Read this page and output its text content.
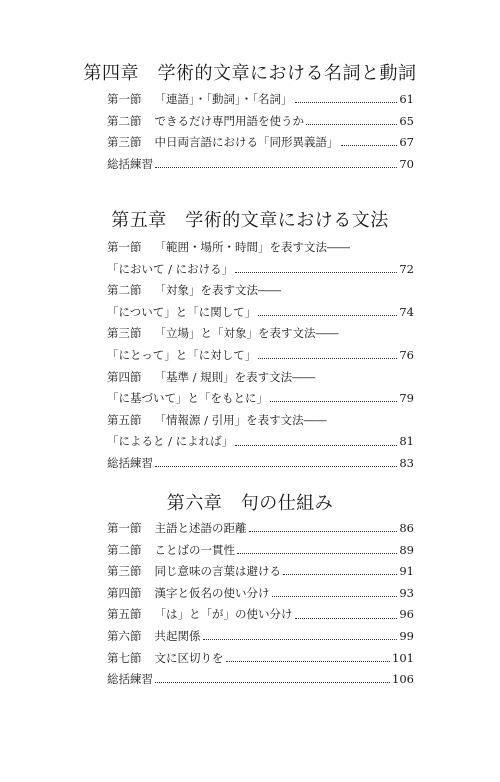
第四章　学術的文章における名詞と動詞
第一節 「連語」・「動詞」・「名詞」	61
第二節 できるだけ専門用語を使うか	65
第三節 中日両言語における「同形異義語」	67
総括練習	70
第五章　学術的文章における文法
第一節 「範囲・場所・時間」を表す文法――
「において / における」	72
第二節 「対象」を表す文法――
「について」と「に関して」	74
第三節 「立場」と「対象」を表す文法――
「にとって」と「に対して」	76
第四節 「基準 / 規則」を表す文法――
「に基づいて」と「をもとに」	79
第五節 「情報源 / 引用」を表す文法――
「によると / によれば」	81
総括練習	83
第六章　句の仕組み
第一節 主語と述語の距離	86
第二節 ことばの一貫性	89
第三節 同じ意味の言葉は避ける	91
第四節 漢字と仮名の使い分け	93
第五節 「は」と「が」の使い分け	96
第六節 共起関係	99
第七節 文に区切りを	101
総括練習	106
